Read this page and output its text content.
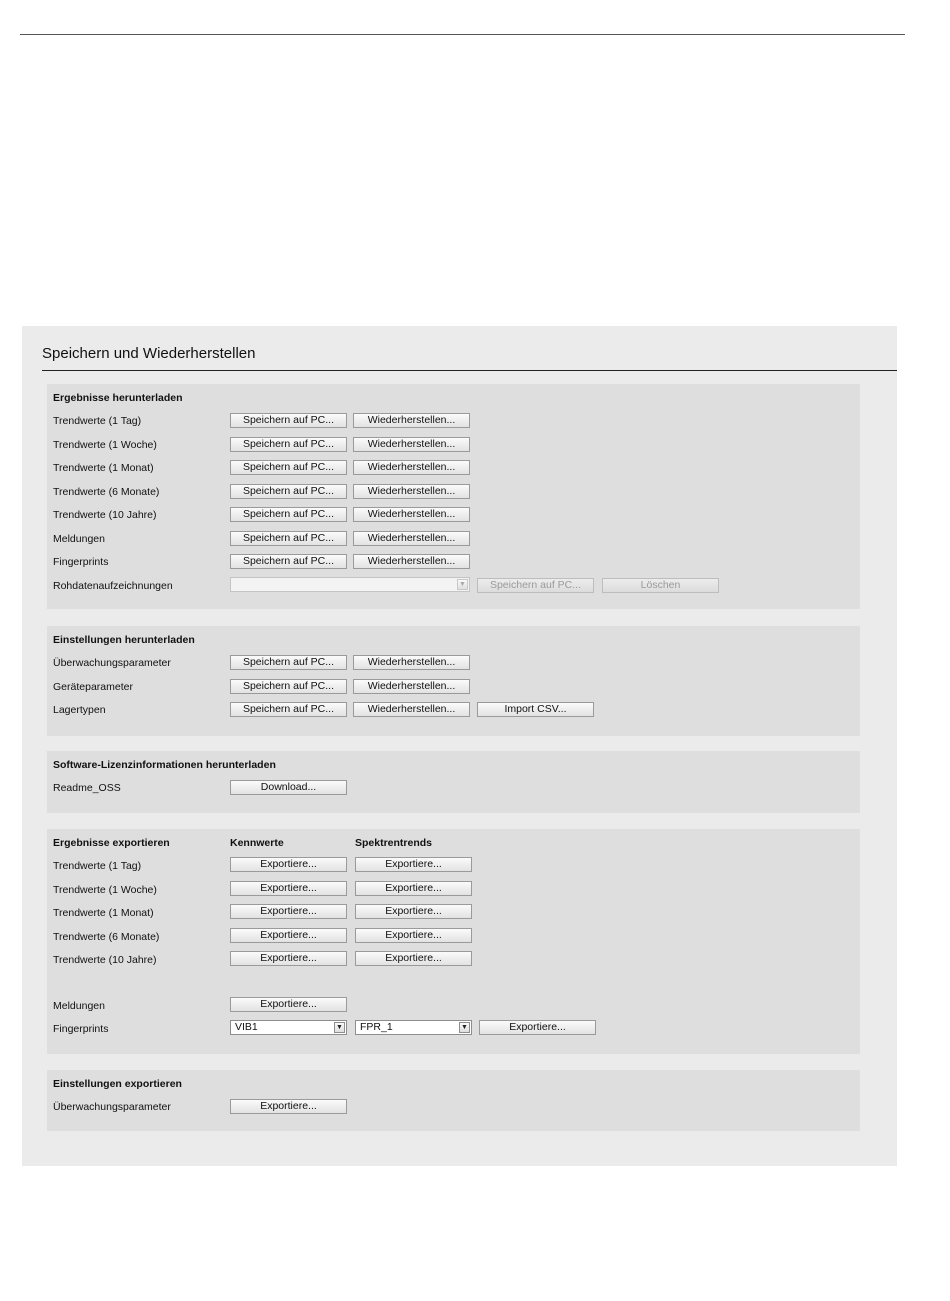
Speichern und Wiederherstellen
Ergebnisse herunterladen
Trendwerte (1 Tag)	Speichern auf PC...	Wiederherstellen...
Trendwerte (1 Woche)	Speichern auf PC...	Wiederherstellen...
Trendwerte (1 Monat)	Speichern auf PC...	Wiederherstellen...
Trendwerte (6 Monate)	Speichern auf PC...	Wiederherstellen...
Trendwerte (10 Jahre)	Speichern auf PC...	Wiederherstellen...
Meldungen	Speichern auf PC...	Wiederherstellen...
Fingerprints	Speichern auf PC...	Wiederherstellen...
Rohdatenaufzeichnungen	▼	Speichern auf PC...	Löschen
Einstellungen herunterladen
Überwachungsparameter	Speichern auf PC...	Wiederherstellen...
Geräteparameter	Speichern auf PC...	Wiederherstellen...
Lagertypen	Speichern auf PC...	Wiederherstellen...	Import CSV...
Software-Lizenzinformationen herunterladen
Readme_OSS	Download...
Ergebnisse exportieren	Kennwerte	Spektrentrends
Trendwerte (1 Tag)	Exportiere...	Exportiere...
Trendwerte (1 Woche)	Exportiere...	Exportiere...
Trendwerte (1 Monat)	Exportiere...	Exportiere...
Trendwerte (6 Monate)	Exportiere...	Exportiere...
Trendwerte (10 Jahre)	Exportiere...	Exportiere...
Meldungen	Exportiere...
Fingerprints	VIB1	▼ FPR_1	▼	Exportiere...
Einstellungen exportieren
Überwachungsparameter	Exportiere...
